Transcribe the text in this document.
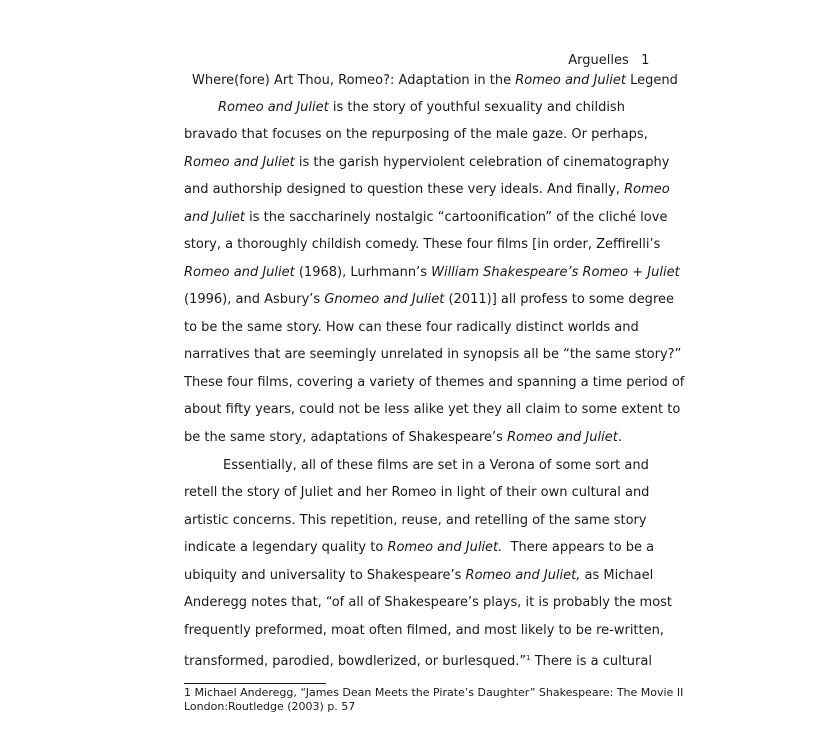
Arguelles 1

Where(fore) Art Thou, Romeo?: Adaptation in the Romeo and Juliet Legend
Romeo and Juliet is the story of youthful sexuality and childish
bravado that focuses on the repurposing of the male gaze. Or perhaps,
Romeo and Juliet is the garish hyperviolent celebration of cinematography
and authorship designed to question these very ideals. And finally, Romeo
and Juliet is the saccharinely nostalgic “cartoonification” of the cliché love
story, a thoroughly childish comedy. These four films [in order, Zeffirelli’s
Romeo and Juliet (1968), Lurhmann’s William Shakespeare’s Romeo + Juliet
(1996), and Asbury’s Gnomeo and Juliet (2011)] all profess to some degree
to be the same story. How can these four radically distinct worlds and
narratives that are seemingly unrelated in synopsis all be “the same story?”
These four films, covering a variety of themes and spanning a time period of
about fifty years, could not be less alike yet they all claim to some extent to
be the same story, adaptations of Shakespeare’s Romeo and Juliet.
Essentially, all of these films are set in a Verona of some sort and
retell the story of Juliet and her Romeo in light of their own cultural and
artistic concerns. This repetition, reuse, and retelling of the same story
indicate a legendary quality to Romeo and Juliet.  There appears to be a
ubiquity and universality to Shakespeare’s Romeo and Juliet, as Michael
Anderegg notes that, “of all of Shakespeare’s plays, it is probably the most
frequently preformed, moat often filmed, and most likely to be re-written,
transformed, parodied, bowdlerized, or burlesqued.”$^1$ There is a cultural
1 Michael Anderegg, “James Dean Meets the Pirate’s Daughter” Shakespeare: The Movie II
London:Routledge (2003) p. 57
